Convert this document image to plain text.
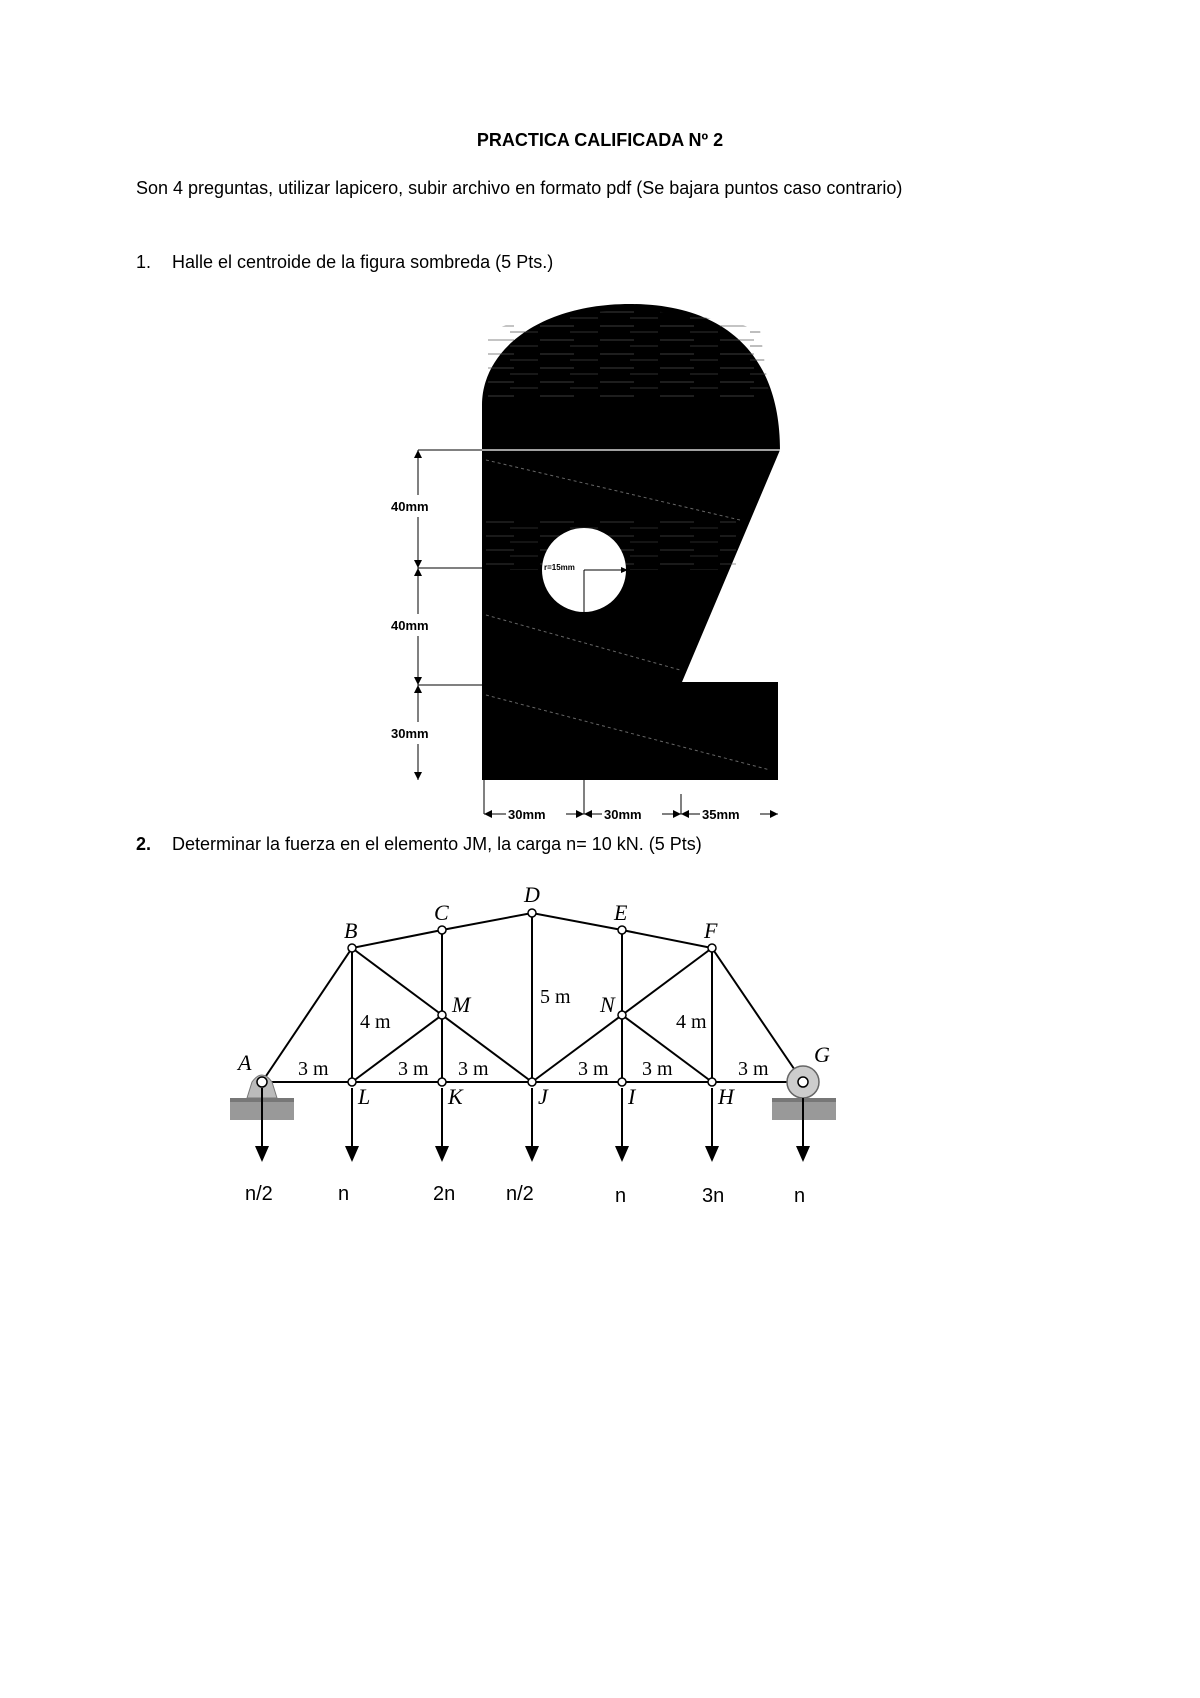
PRACTICA CALIFICADA Nº 2
Son 4 preguntas, utilizar lapicero, subir archivo en formato pdf (Se bajara puntos caso contrario)
1. Halle el centroide de la figura sombreda (5 Pts.)
r=15mm
40mm
40mm
30mm
30mm	30mm	35mm
2. Determinar la fuerza en el elemento JM, la carga n= 10 kN. (5 Pts)
A
B
C
D
E
F
G
H
I
J
K
L
M	N
4 m
5 m
4 m
3 m	3 m 3 m	3 m 3 m	3 m
n/2	n	2n	n/2	n	3n	n
